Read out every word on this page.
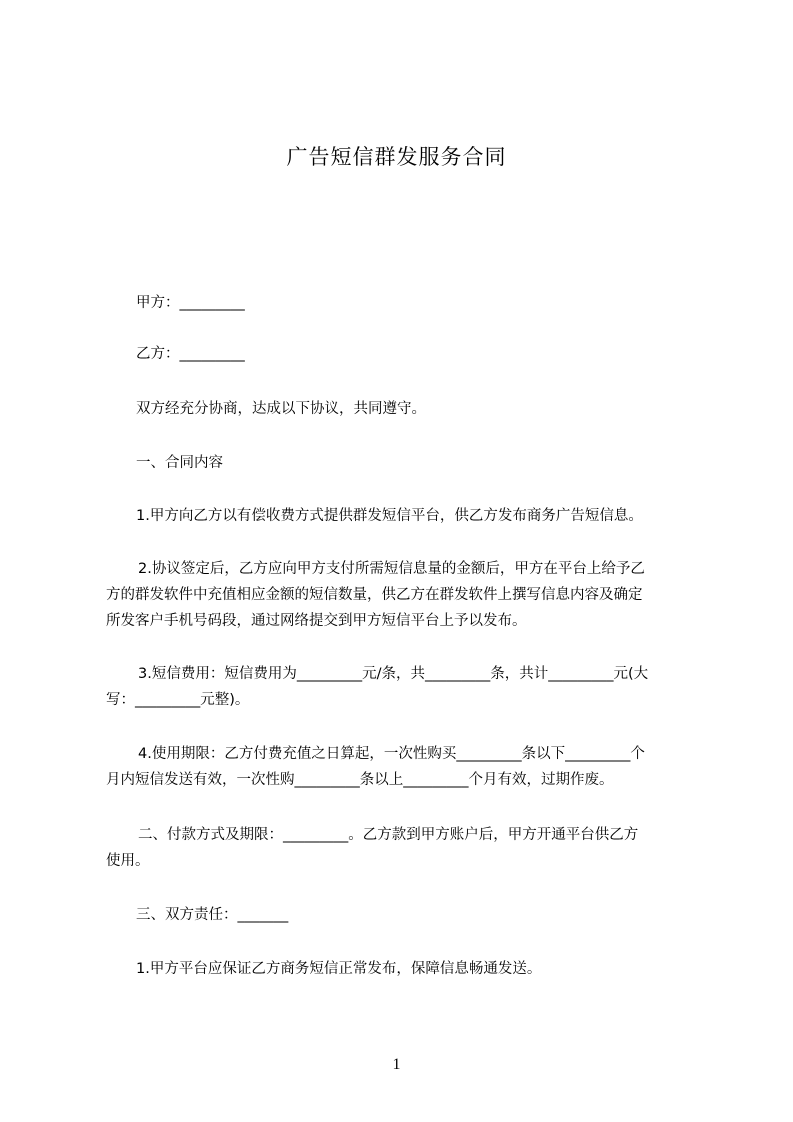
广告短信群发服务合同
甲方：_________
乙方：_________
双方经充分协商，达成以下协议，共同遵守。
一、合同内容
1.甲方向乙方以有偿收费方式提供群发短信平台，供乙方发布商务广告短信息。
2.协议签定后，乙方应向甲方支付所需短信息量的金额后，甲方在平台上给予乙
方的群发软件中充值相应金额的短信数量，供乙方在群发软件上撰写信息内容及确定
所发客户手机号码段，通过网络提交到甲方短信平台上予以发布。
3.短信费用：短信费用为_________元/条，共_________条，共计_________元(大
写：_________元整)。
4.使用期限：乙方付费充值之日算起，一次性购买_________条以下_________个
月内短信发送有效，一次性购_________条以上_________个月有效，过期作废。
二、付款方式及期限：_________。乙方款到甲方账户后，甲方开通平台供乙方
使用。
三、双方责任：_______
1.甲方平台应保证乙方商务短信正常发布，保障信息畅通发送。
1
